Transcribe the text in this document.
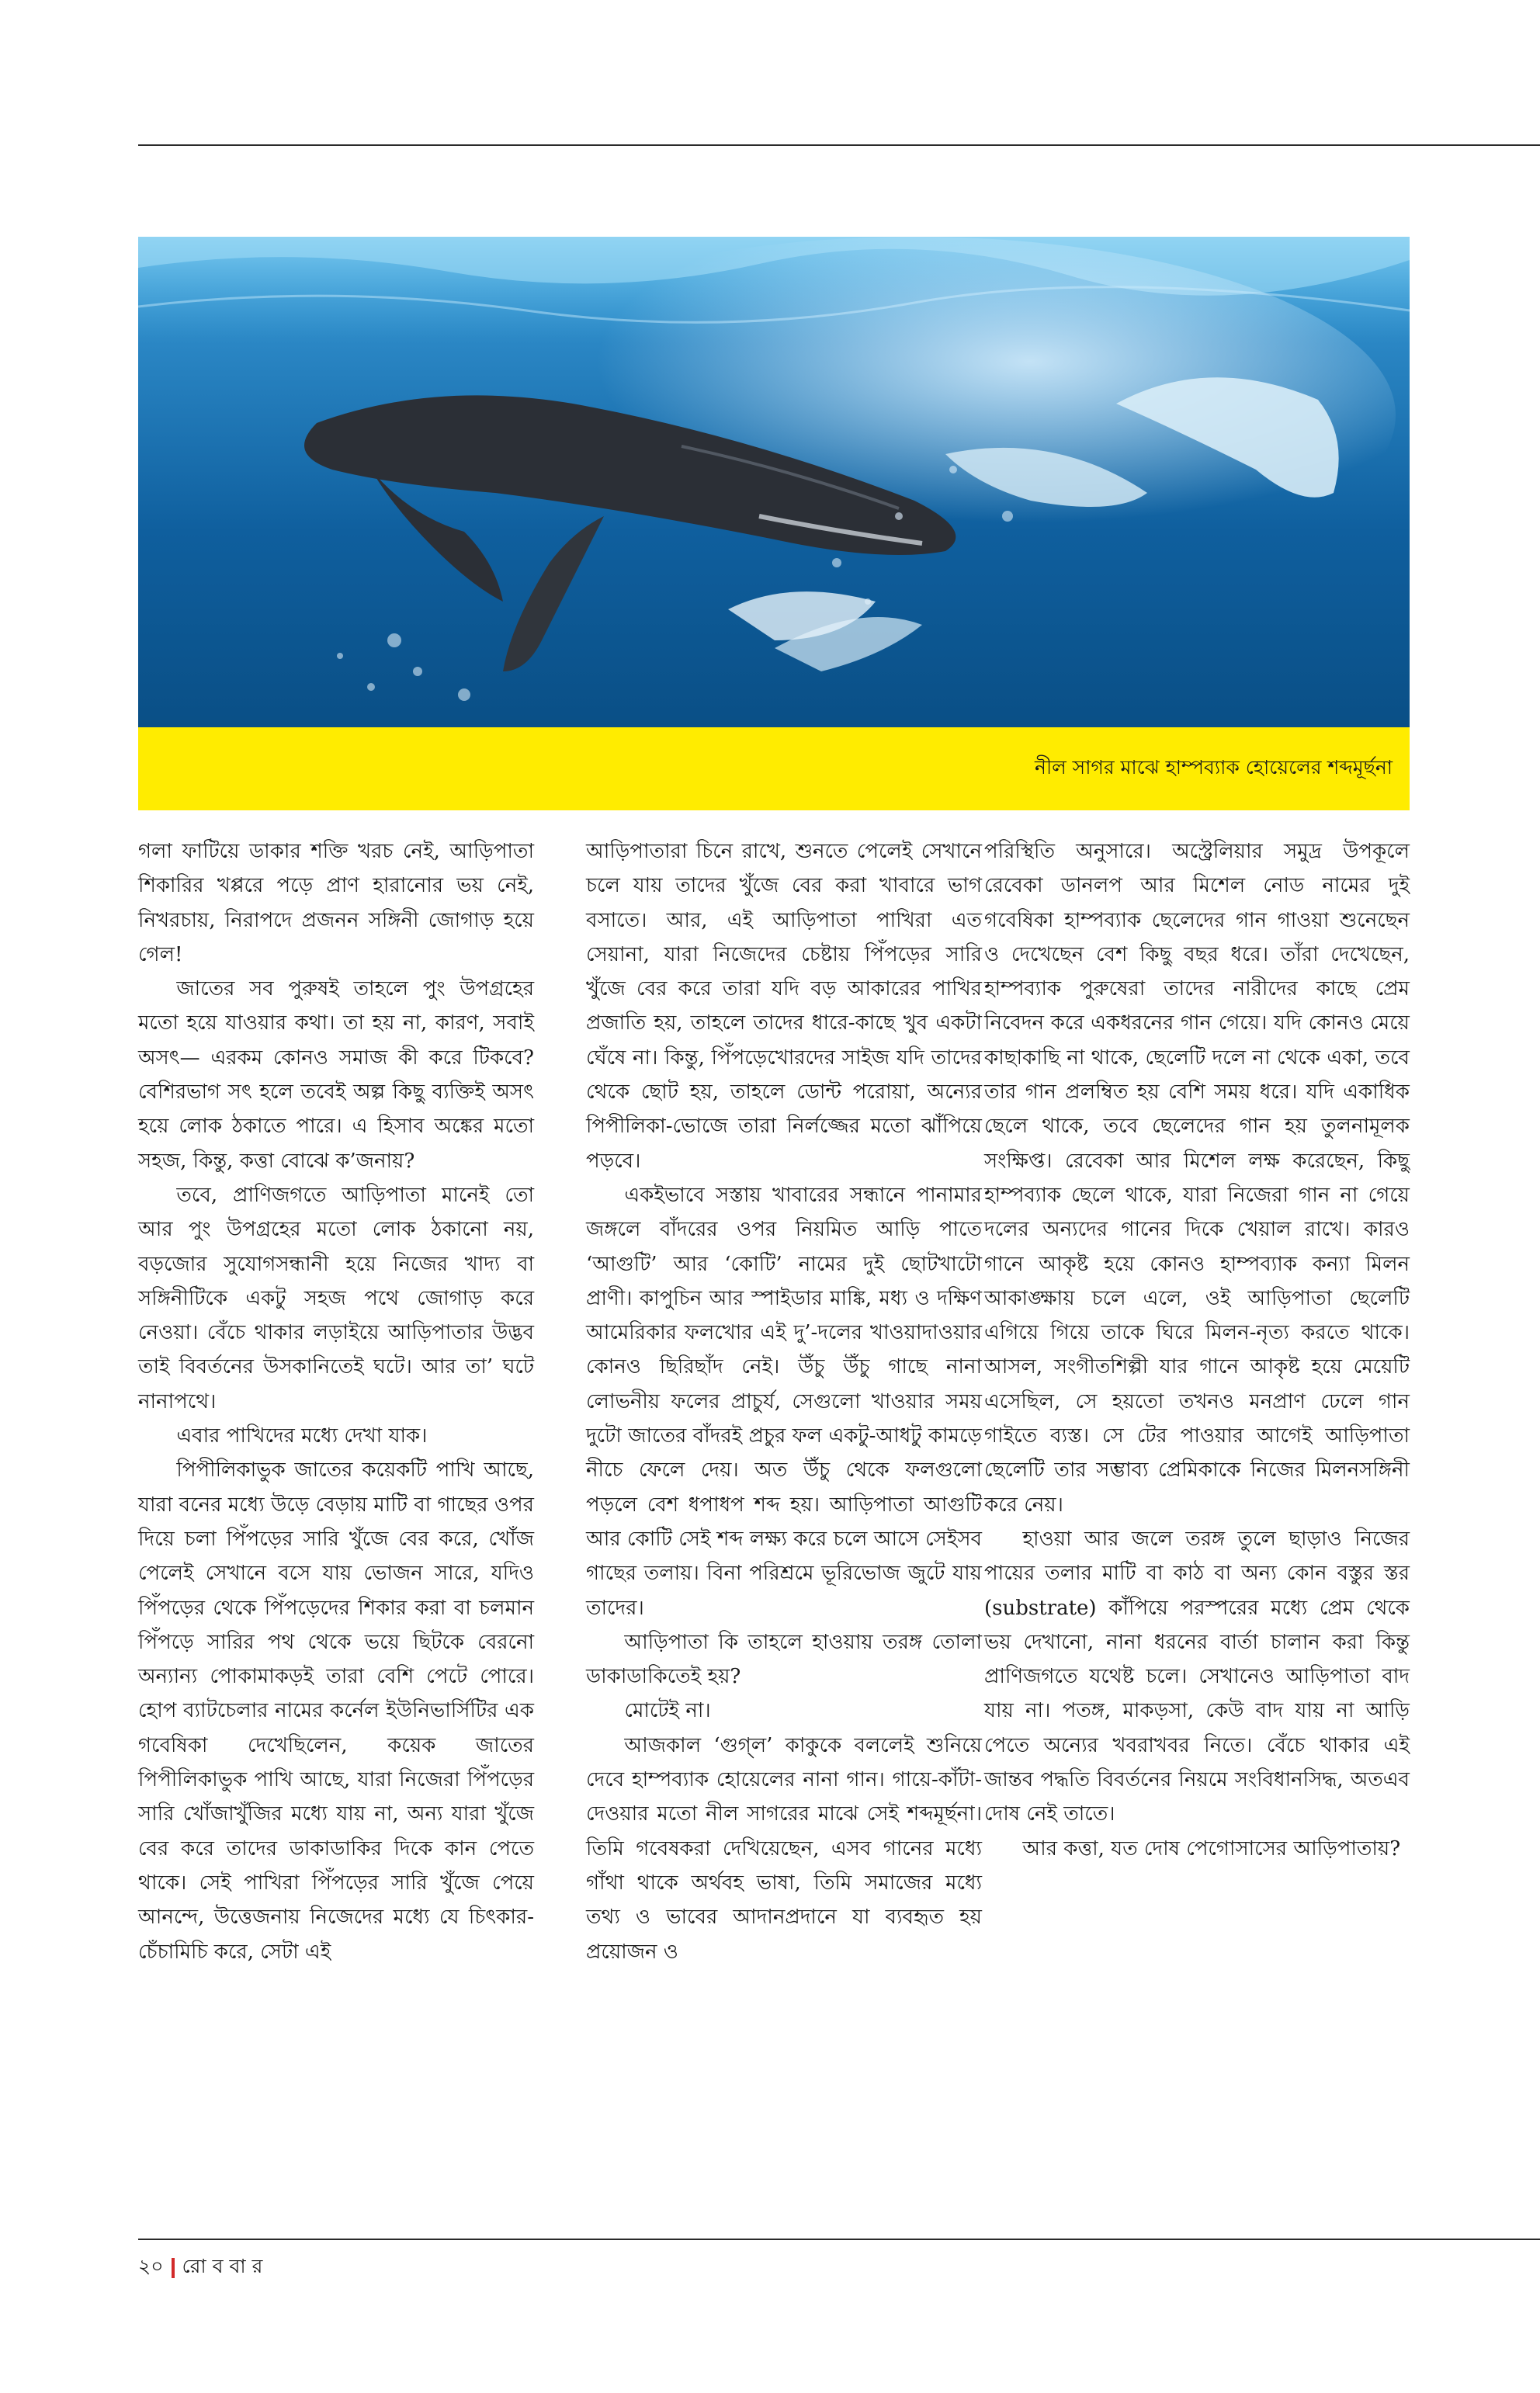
নীল সাগর মাঝে হাম্পব্যাক হোয়েলের শব্দমূর্ছনা

গলা ফাটিয়ে ডাকার শক্তি খরচ নেই, আড়িপাতা শিকারির খপ্পরে পড়ে প্রাণ হারানোর ভয় নেই, নিখরচায়, নিরাপদে প্রজনন সঙ্গিনী জোগাড় হয়ে গেল!

জাতের সব পুরুষই তাহলে পুং উপগ্রহের মতো হয়ে যাওয়ার কথা। তা হয় না, কারণ, সবাই অসৎ— এরকম কোনও সমাজ কী করে টিকবে? বেশিরভাগ সৎ হলে তবেই অল্প কিছু ব্যক্তিই অসৎ হয়ে লোক ঠকাতে পারে। এ হিসাব অঙ্কের মতো সহজ, কিন্তু, কত্তা বোঝে ক’জনায়?

তবে, প্রাণিজগতে আড়িপাতা মানেই তো আর পুং উপগ্রহের মতো লোক ঠকানো নয়, বড়জোর সুযোগসন্ধানী হয়ে নিজের খাদ্য বা সঙ্গিনীটিকে একটু সহজ পথে জোগাড় করে নেওয়া। বেঁচে থাকার লড়াইয়ে আড়িপাতার উদ্ভব তাই বিবর্তনের উসকানিতেই ঘটে। আর তা’ ঘটে নানাপথে।

এবার পাখিদের মধ্যে দেখা যাক।

পিপীলিকাভুক জাতের কয়েকটি পাখি আছে, যারা বনের মধ্যে উড়ে বেড়ায় মাটি বা গাছের ওপর দিয়ে চলা পিঁপড়ের সারি খুঁজে বের করে, খোঁজ পেলেই সেখানে বসে যায় ভোজন সারে, যদিও পিঁপড়ের থেকে পিঁপড়েদের শিকার করা বা চলমান পিঁপড়ে সারির পথ থেকে ভয়ে ছিটকে বেরনো অন্যান্য পোকামাকড়ই তারা বেশি পেটে পোরে। হোপ ব্যাটচেলার নামের কর্নেল ইউনিভার্সিটির এক গবেষিকা দেখেছিলেন, কয়েক জাতের পিপীলিকাভুক পাখি আছে, যারা নিজেরা পিঁপড়ের সারি খোঁজাখুঁজির মধ্যে যায় না, অন্য যারা খুঁজে বের করে তাদের ডাকাডাকির দিকে কান পেতে থাকে। সেই পাখিরা পিঁপড়ের সারি খুঁজে পেয়ে আনন্দে, উত্তেজনায় নিজেদের মধ্যে যে চিৎকার-চেঁচামিচি করে, সেটা এই

আড়িপাতারা চিনে রাখে, শুনতে পেলেই সেখানে চলে যায় তাদের খুঁজে বের করা খাবারে ভাগ বসাতে। আর, এই আড়িপাতা পাখিরা এত সেয়ানা, যারা নিজেদের চেষ্টায় পিঁপড়ের সারি খুঁজে বের করে তারা যদি বড় আকারের পাখির প্রজাতি হয়, তাহলে তাদের ধারে-কাছে খুব একটা ঘেঁষে না। কিন্তু, পিঁপড়েখোরদের সাইজ যদি তাদের থেকে ছোট হয়, তাহলে ডোন্ট পরোয়া, অন্যের পিপীলিকা-ভোজে তারা নির্লজ্জের মতো ঝাঁপিয়ে পড়বে।

একইভাবে সস্তায় খাবারের সন্ধানে পানামার জঙ্গলে বাঁদরের ওপর নিয়মিত আড়ি পাতে ‘আগুটি’ আর ‘কোটি’ নামের দুই ছোটখাটো প্রাণী। কাপুচিন আর স্পাইডার মাঙ্কি, মধ্য ও দক্ষিণ আমেরিকার ফলখোর এই দু’-দলের খাওয়াদাওয়ার কোনও ছিরিছাঁদ নেই। উঁচু উঁচু গাছে নানা লোভনীয় ফলের প্রাচুর্য, সেগুলো খাওয়ার সময় দুটো জাতের বাঁদরই প্রচুর ফল একটু-আধটু কামড়ে নীচে ফেলে দেয়। অত উঁচু থেকে ফলগুলো পড়লে বেশ ধপাধপ শব্দ হয়। আড়িপাতা আগুটি আর কোটি সেই শব্দ লক্ষ্য করে চলে আসে সেইসব গাছের তলায়। বিনা পরিশ্রমে ভূরিভোজ জুটে যায় তাদের।

আড়িপাতা কি তাহলে হাওয়ায় তরঙ্গ তোলা ডাকাডাকিতেই হয়?

মোটেই না।

আজকাল ‘গুগ্‌ল’ কাকুকে বললেই শুনিয়ে দেবে হাম্পব্যাক হোয়েলের নানা গান। গায়ে-কাঁটা-দেওয়ার মতো নীল সাগরের মাঝে সেই শব্দমূর্ছনা। তিমি গবেষকরা দেখিয়েছেন, এসব গানের মধ্যে গাঁথা থাকে অর্থবহ ভাষা, তিমি সমাজের মধ্যে তথ্য ও ভাবের আদানপ্রদানে যা ব্যবহৃত হয় প্রয়োজন ও

পরিস্থিতি অনুসারে। অস্ট্রেলিয়ার সমুদ্র উপকূলে রেবেকা ডানলপ আর মিশেল নোড নামের দুই গবেষিকা হাম্পব্যাক ছেলেদের গান গাওয়া শুনেছেন ও দেখেছেন বেশ কিছু বছর ধরে। তাঁরা দেখেছেন, হাম্পব্যাক পুরুষেরা তাদের নারীদের কাছে প্রেম নিবেদন করে একধরনের গান গেয়ে। যদি কোনও মেয়ে কাছাকাছি না থাকে, ছেলেটি দলে না থেকে একা, তবে তার গান প্রলম্বিত হয় বেশি সময় ধরে। যদি একাধিক ছেলে থাকে, তবে ছেলেদের গান হয় তুলনামূলক সংক্ষিপ্ত। রেবেকা আর মিশেল লক্ষ করেছেন, কিছু হাম্পব্যাক ছেলে থাকে, যারা নিজেরা গান না গেয়ে দলের অন্যদের গানের দিকে খেয়াল রাখে। কারও গানে আকৃষ্ট হয়ে কোনও হাম্পব্যাক কন্যা মিলন আকাঙ্ক্ষায় চলে এলে, ওই আড়িপাতা ছেলেটি এগিয়ে গিয়ে তাকে ঘিরে মিলন-নৃত্য করতে থাকে। আসল, সংগীতশিল্পী যার গানে আকৃষ্ট হয়ে মেয়েটি এসেছিল, সে হয়তো তখনও মনপ্রাণ ঢেলে গান গাইতে ব্যস্ত। সে টের পাওয়ার আগেই আড়িপাতা ছেলেটি তার সম্ভাব্য প্রেমিকাকে নিজের মিলনসঙ্গিনী করে নেয়।

হাওয়া আর জলে তরঙ্গ তুলে ছাড়াও নিজের পায়ের তলার মাটি বা কাঠ বা অন্য কোন বস্তুর স্তর (substrate) কাঁপিয়ে পরস্পরের মধ্যে প্রেম থেকে ভয় দেখানো, নানা ধরনের বার্তা চালান করা কিন্তু প্রাণিজগতে যথেষ্ট চলে। সেখানেও আড়িপাতা বাদ যায় না। পতঙ্গ, মাকড়সা, কেউ বাদ যায় না আড়ি পেতে অন্যের খবরাখবর নিতে। বেঁচে থাকার এই জান্তব পদ্ধতি বিবর্তনের নিয়মে সংবিধানসিদ্ধ, অতএব দোষ নেই তাতে।

আর কত্তা, যত দোষ পেগোসাসের আড়িপাতায়?

২০ রো ব বা র
